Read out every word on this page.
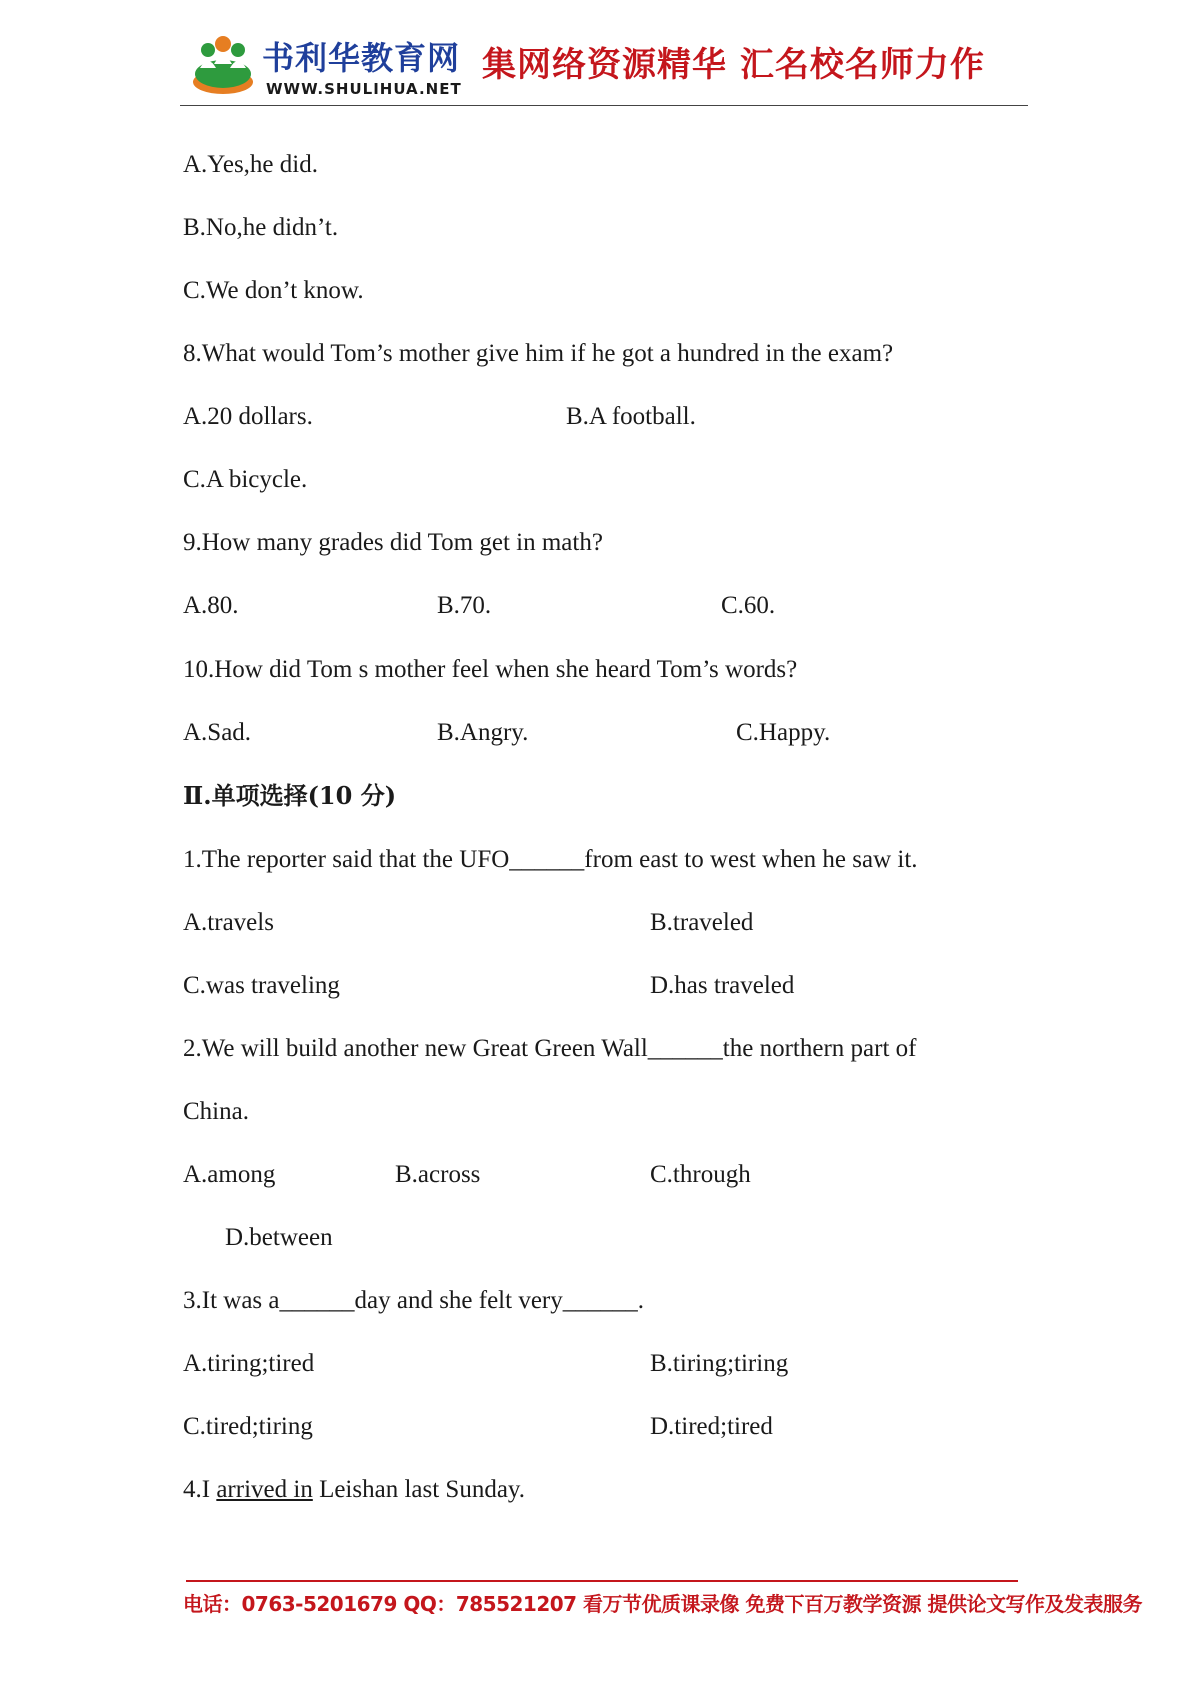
书利华教育网
WWW.SHULIHUA.NET
集网络资源精华 汇名校名师力作
A.Yes,he did.
B.No,he didn’t.
C.We don’t know.
8.What would Tom’s mother give him if he got a hundred in the exam?
A.20 dollars.	B.A football.
C.A bicycle.
9.How many grades did Tom get in math?
A.80.	B.70.	C.60.
10.How did Tom s mother feel when she heard Tom’s words?
A.Sad.	B.Angry.	C.Happy.
Ⅱ.单项选择(10 分)
1.The reporter said that the UFO______from east to west when he saw it.
A.travels	B.traveled
C.was traveling	D.has traveled
2.We will build another new Great Green Wall______the northern part of
China.
A.among	B.across	C.through
D.between
3.It was a______day and she felt very______.
A.tiring;tired	B.tiring;tiring
C.tired;tiring	D.tired;tired
4.I arrived in Leishan last Sunday.
电话：0763-5201679 QQ：785521207 看万节优质课录像 免费下百万教学资源 提供论文写作及发表服务
